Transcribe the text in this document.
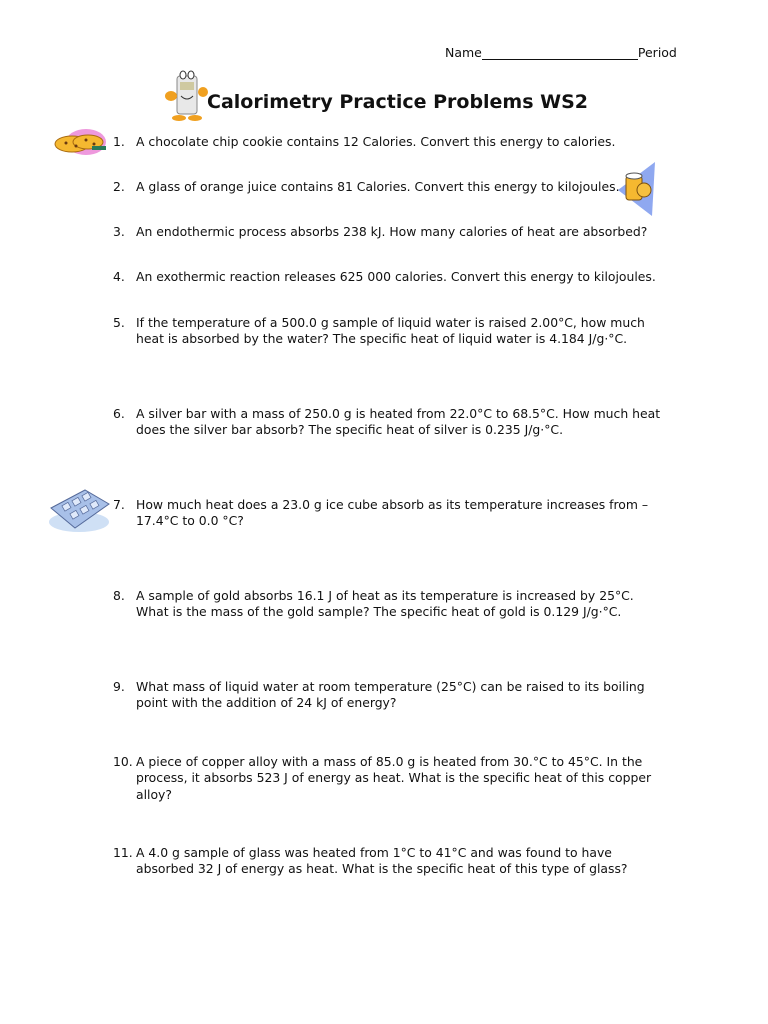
Name	Period
Calorimetry Practice Problems WS2
1. A chocolate chip cookie contains 12 Calories. Convert this energy to calories.
2. A glass of orange juice contains 81 Calories. Convert this energy to kilojoules.
3. An endothermic process absorbs 238 kJ. How many calories of heat are absorbed?
4. An exothermic reaction releases 625 000 calories. Convert this energy to kilojoules.
5. If the temperature of a 500.0 g sample of liquid water is raised 2.00°C, how much
heat is absorbed by the water? The specific heat of liquid water is 4.184 J/g·°C.
6. A silver bar with a mass of 250.0 g is heated from 22.0°C to 68.5°C. How much heat
does the silver bar absorb? The specific heat of silver is 0.235 J/g·°C.
7. How much heat does a 23.0 g ice cube absorb as its temperature increases from –
17.4°C to 0.0 °C?
8. A sample of gold absorbs 16.1 J of heat as its temperature is increased by 25°C.
What is the mass of the gold sample? The specific heat of gold is 0.129 J/g·°C.
9. What mass of liquid water at room temperature (25°C) can be raised to its boiling
point with the addition of 24 kJ of energy?
10. A piece of copper alloy with a mass of 85.0 g is heated from 30.°C to 45°C. In the
process, it absorbs 523 J of energy as heat. What is the specific heat of this copper
alloy?
11. A 4.0 g sample of glass was heated from 1°C to 41°C and was found to have
absorbed 32 J of energy as heat. What is the specific heat of this type of glass?
